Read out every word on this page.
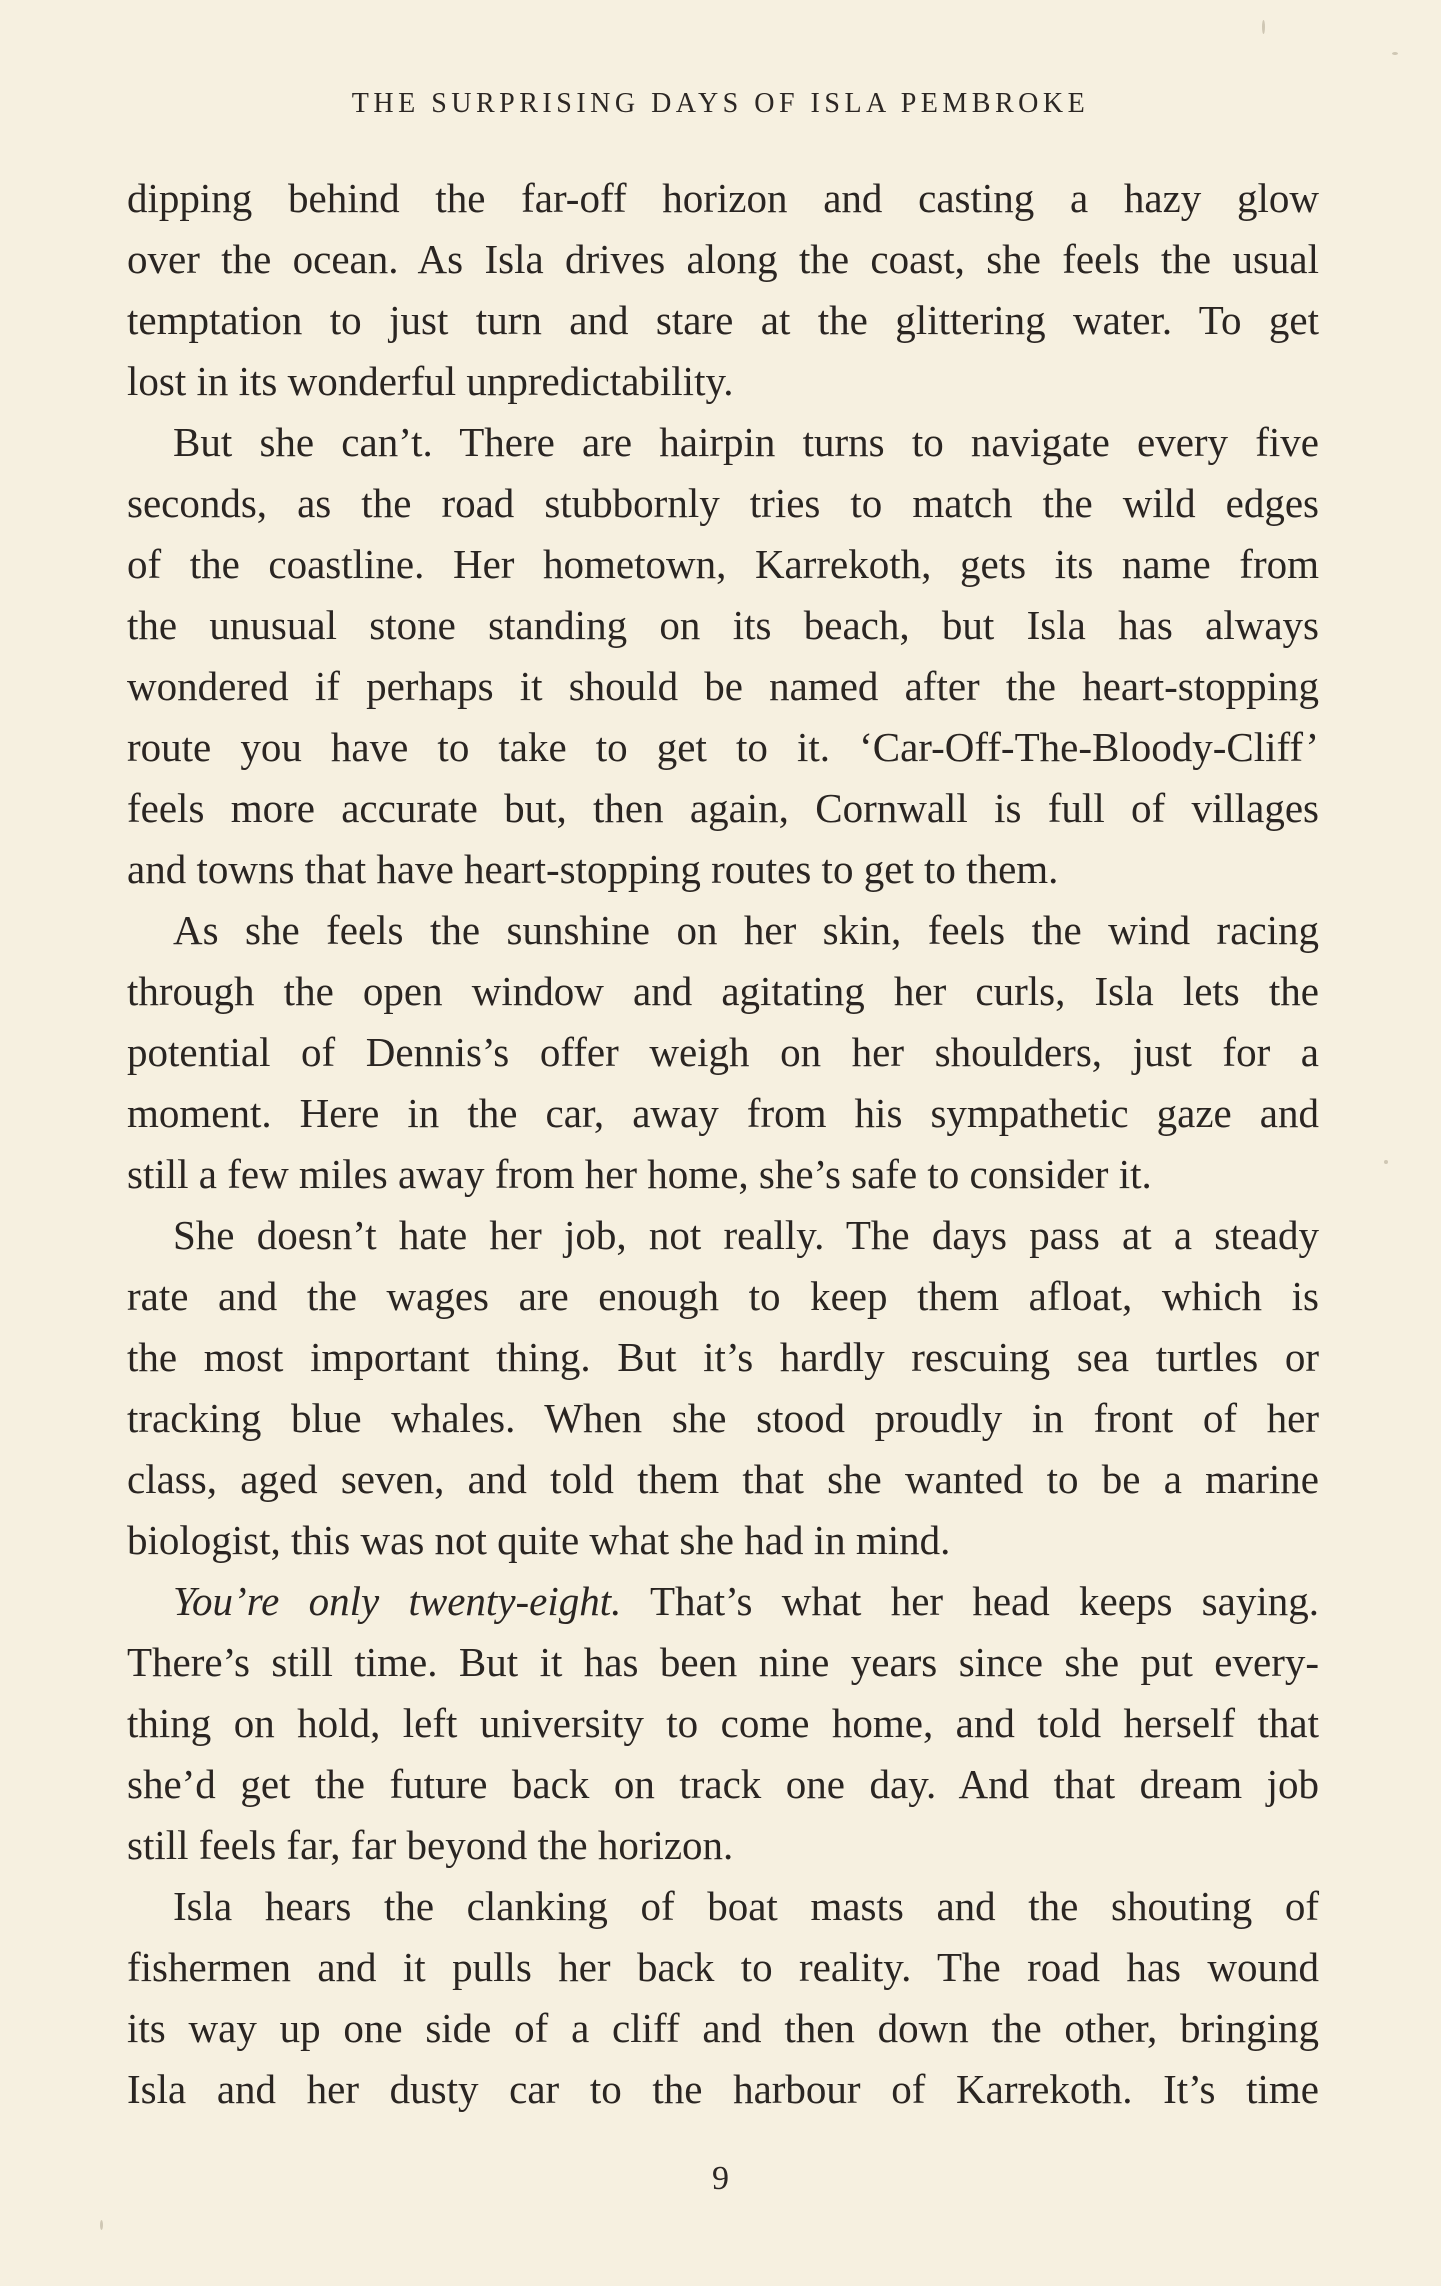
THE SURPRISING DAYS OF ISLA PEMBROKE
dipping behind the far-off horizon and casting a hazy glow
over the ocean. As Isla drives along the coast, she feels the usual
temptation to just turn and stare at the glittering water. To get
lost in its wonderful unpredictability.
But she can’t. There are hairpin turns to navigate every five
seconds, as the road stubbornly tries to match the wild edges
of the coastline. Her hometown, Karrekoth, gets its name from
the unusual stone standing on its beach, but Isla has always
wondered if perhaps it should be named after the heart-stopping
route you have to take to get to it. ‘Car-Off-The-Bloody-Cliff’
feels more accurate but, then again, Cornwall is full of villages
and towns that have heart-stopping routes to get to them.
As she feels the sunshine on her skin, feels the wind racing
through the open window and agitating her curls, Isla lets the
potential of Dennis’s offer weigh on her shoulders, just for a
moment. Here in the car, away from his sympathetic gaze and
still a few miles away from her home, she’s safe to consider it.
She doesn’t hate her job, not really. The days pass at a steady
rate and the wages are enough to keep them afloat, which is
the most important thing. But it’s hardly rescuing sea turtles or
tracking blue whales. When she stood proudly in front of her
class, aged seven, and told them that she wanted to be a marine
biologist, this was not quite what she had in mind.
You’re only twenty-eight. That’s what her head keeps saying.
There’s still time. But it has been nine years since she put every-
thing on hold, left university to come home, and told herself that
she’d get the future back on track one day. And that dream job
still feels far, far beyond the horizon.
Isla hears the clanking of boat masts and the shouting of
fishermen and it pulls her back to reality. The road has wound
its way up one side of a cliff and then down the other, bringing
Isla and her dusty car to the harbour of Karrekoth. It’s time
9
